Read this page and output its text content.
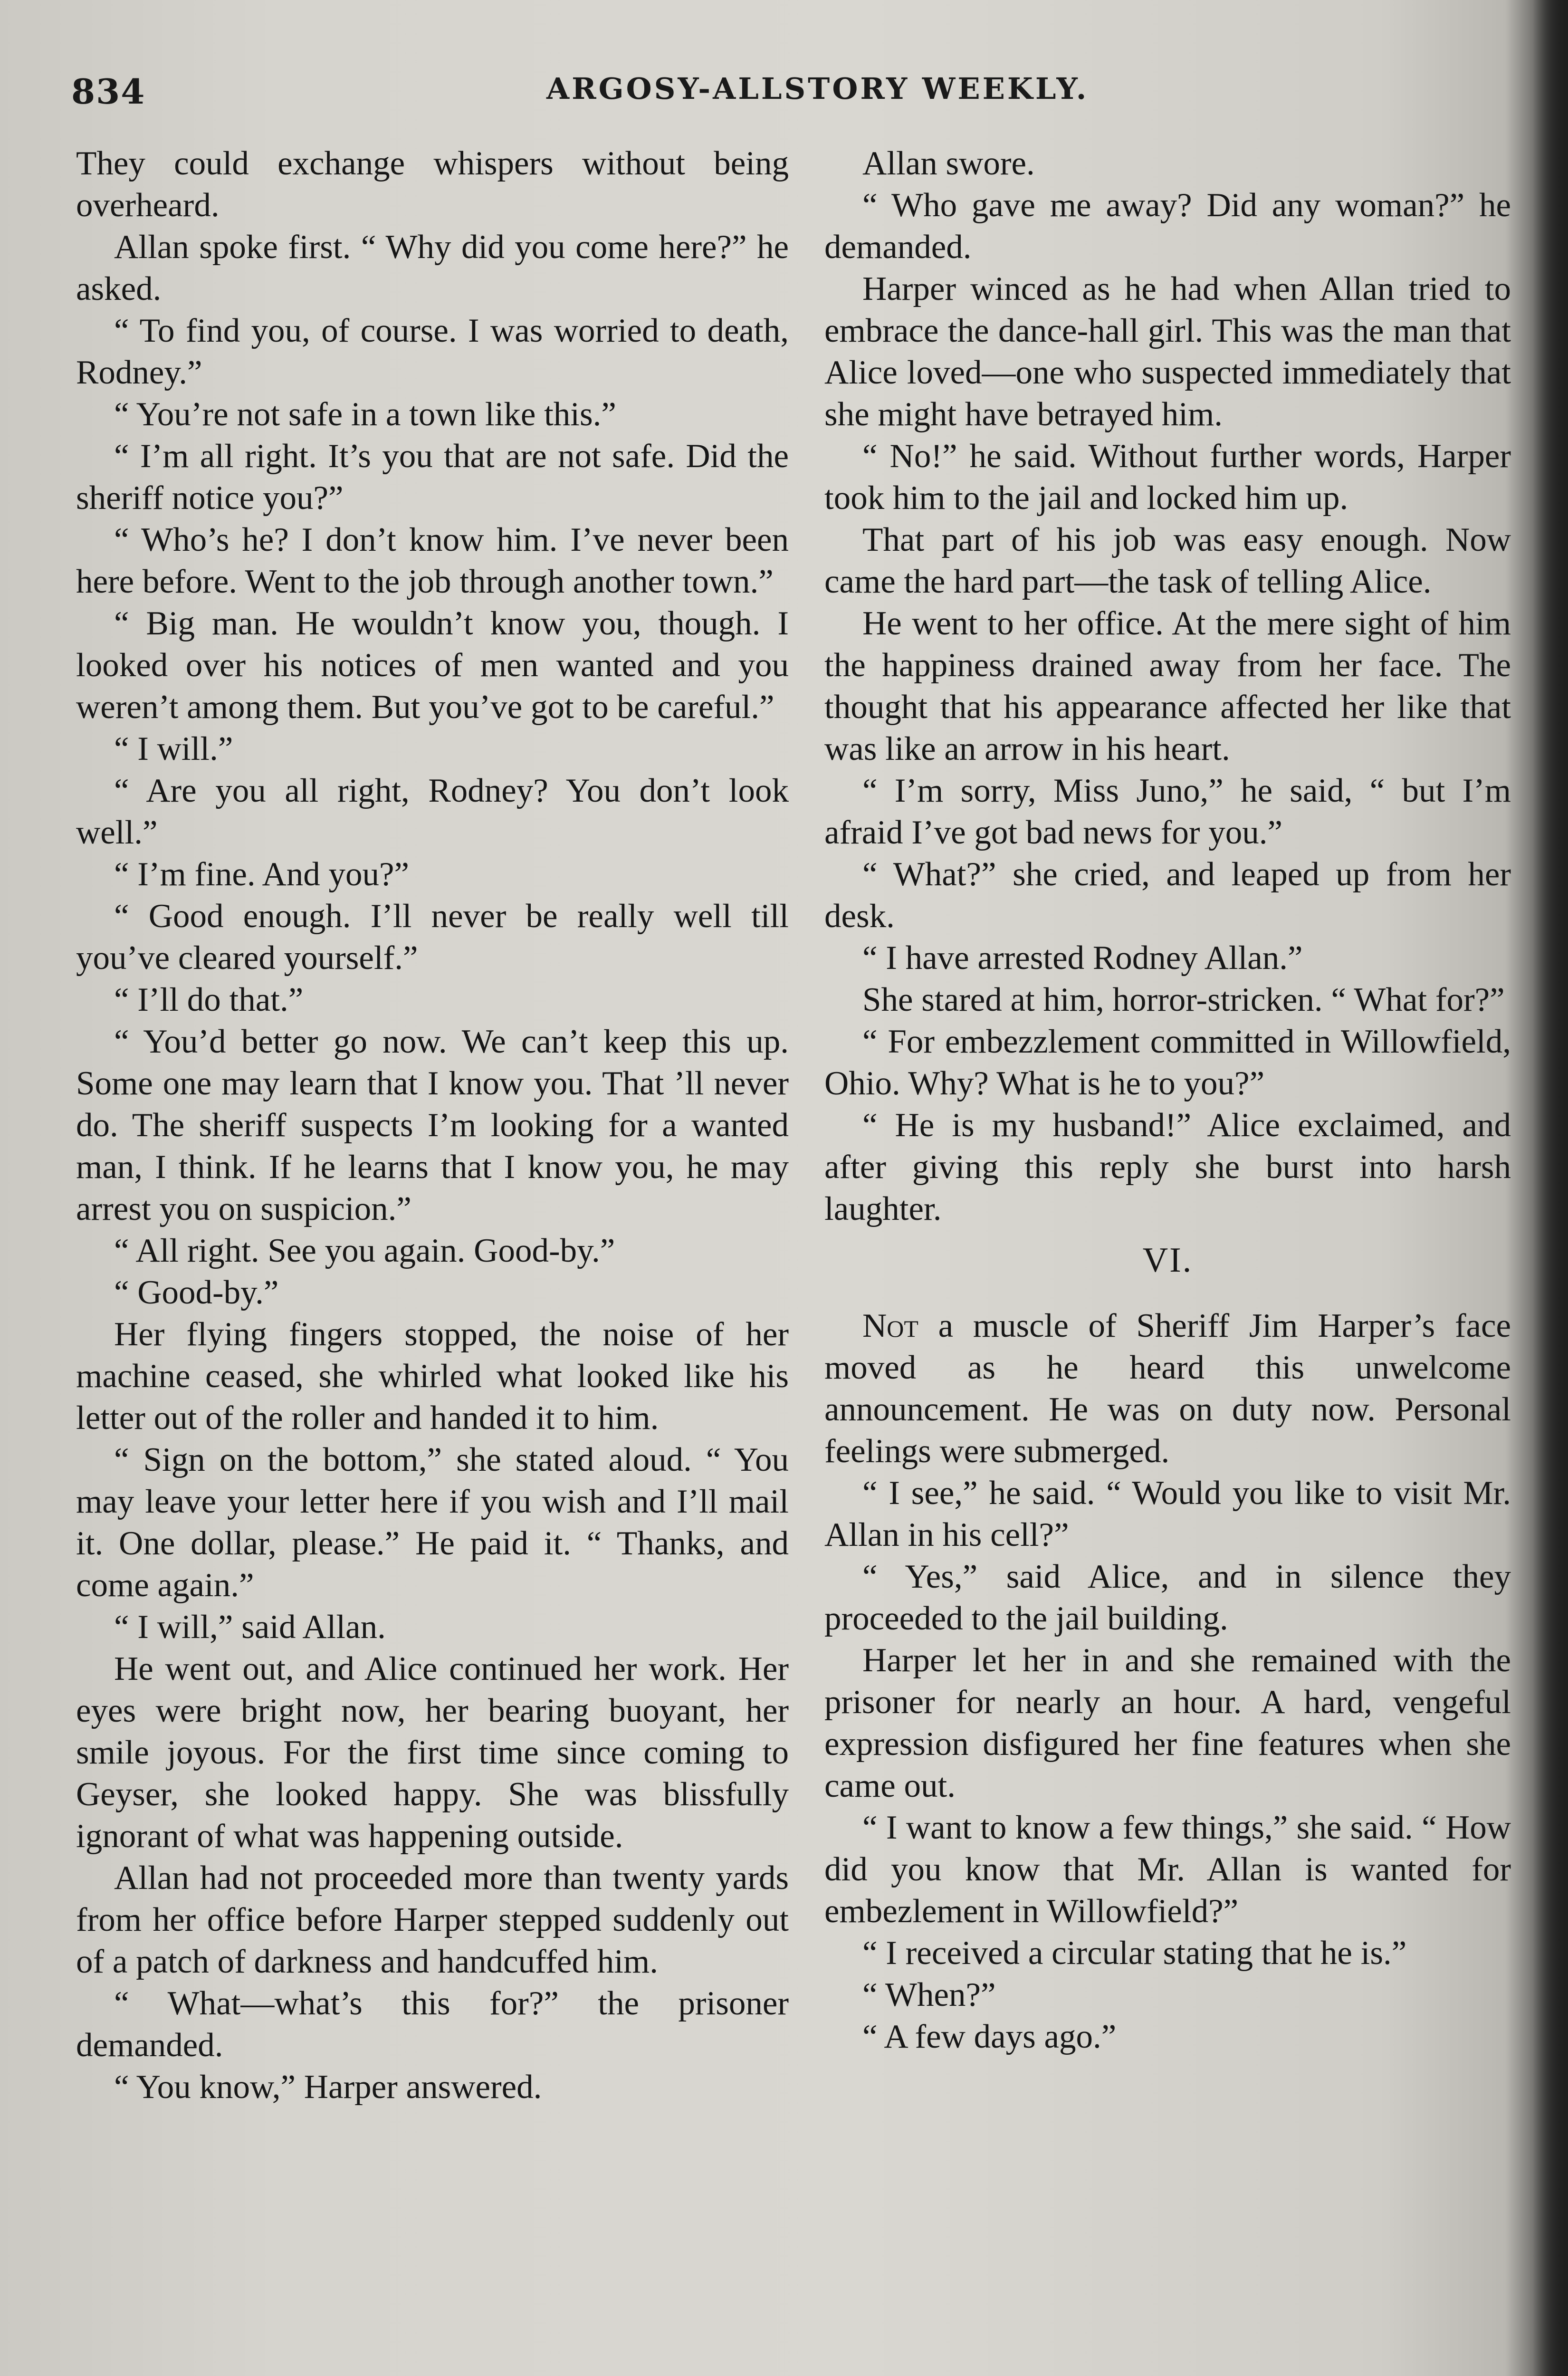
834	ARGOSY-ALLSTORY WEEKLY.

They could exchange whispers without being overheard.

Allan spoke first. “ Why did you come here?” he asked.

“ To find you, of course. I was worried to death, Rodney.”

“ You’re not safe in a town like this.”

“ I’m all right. It’s you that are not safe. Did the sheriff notice you?”

“ Who’s he? I don’t know him. I’ve never been here before. Went to the job through another town.”

“ Big man. He wouldn’t know you, though. I looked over his notices of men wanted and you weren’t among them. But you’ve got to be careful.”

“ I will.”

“ Are you all right, Rodney? You don’t look well.”

“ I’m fine. And you?”

“ Good enough. I’ll never be really well till you’ve cleared yourself.”

“ I’ll do that.”

“ You’d better go now. We can’t keep this up. Some one may learn that I know you. That ’ll never do. The sheriff suspects I’m looking for a wanted man, I think. If he learns that I know you, he may arrest you on suspicion.”

“ All right. See you again. Good-by.”

“ Good-by.”

Her flying fingers stopped, the noise of her machine ceased, she whirled what looked like his letter out of the roller and handed it to him.

“ Sign on the bottom,” she stated aloud. “ You may leave your letter here if you wish and I’ll mail it. One dollar, please.” He paid it. “ Thanks, and come again.”

“ I will,” said Allan.

He went out, and Alice continued her work. Her eyes were bright now, her bearing buoyant, her smile joyous. For the first time since coming to Geyser, she looked happy. She was blissfully ignorant of what was happening outside.

Allan had not proceeded more than twenty yards from her office before Harper stepped suddenly out of a patch of darkness and handcuffed him.

“ What—what’s this for?” the prisoner demanded.

“ You know,” Harper answered.

Allan swore.

“ Who gave me away? Did any woman?” he demanded.

Harper winced as he had when Allan tried to embrace the dance-hall girl. This was the man that Alice loved—one who suspected immediately that she might have betrayed him.

“ No!” he said. Without further words, Harper took him to the jail and locked him up.

That part of his job was easy enough. Now came the hard part—the task of telling Alice.

He went to her office. At the mere sight of him the happiness drained away from her face. The thought that his appearance affected her like that was like an arrow in his heart.

“ I’m sorry, Miss Juno,” he said, “ but I’m afraid I’ve got bad news for you.”

“ What?” she cried, and leaped up from her desk.

“ I have arrested Rodney Allan.”

She stared at him, horror-stricken. “ What for?”

“ For embezzlement committed in Willowfield, Ohio. Why? What is he to you?”

“ He is my husband!” Alice exclaimed, and after giving this reply she burst into harsh laughter.

VI.

Not a muscle of Sheriff Jim Harper’s face moved as he heard this unwelcome announcement. He was on duty now. Personal feelings were submerged.

“ I see,” he said. “ Would you like to visit Mr. Allan in his cell?”

“ Yes,” said Alice, and in silence they proceeded to the jail building.

Harper let her in and she remained with the prisoner for nearly an hour. A hard, vengeful expression disfigured her fine features when she came out.

“ I want to know a few things,” she said. “ How did you know that Mr. Allan is wanted for embezlement in Willowfield?”

“ I received a circular stating that he is.”

“ When?”

“ A few days ago.”
